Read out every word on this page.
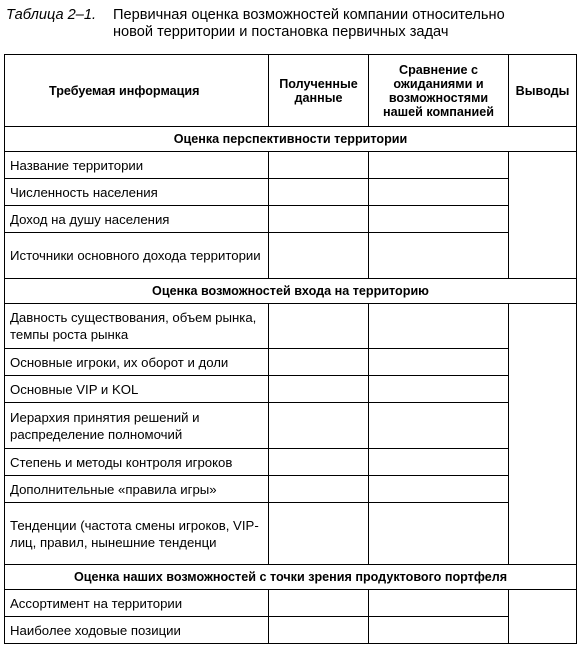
Таблица 2–1. Первичная оценка возможностей компании относительно
новой территории и постановка первичных задач
Требуемая информация	Полученные данные	Сравнение с ожиданиями и возможностями нашей компанией	Выводы
Оценка перспективности территории			
Название территории			
Численность населения			
Доход на душу населения			
Источники основного дохода территории			
Оценка возможностей входа на территорию			
Давность существования, объем рынка, темпы роста рынка			
Основные игроки, их оборот и доли			
Основные VIP и KOL			
Иерархия принятия решений и распределение полномочий			
Степень и методы контроля игроков			
Дополнительные «правила игры»			
Тенденции (частота смены игроков, VIP-лиц, правил, нынешние тенденци			
Оценка наших возможностей с точки зрения продуктового портфеля			
Ассортимент на территории			
Наиболее ходовые позиции			
